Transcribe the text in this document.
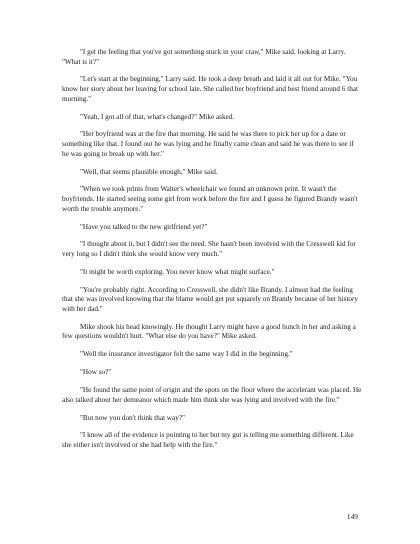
"I get the feeling that you've got something stuck in your craw," Mike said, looking at Larry. "What is it?"

"Let's start at the beginning," Larry said. He took a deep breath and laid it all out for Mike. "You know her story about her leaving for school late. She called her boyfriend and best friend around 6 that morning."

"Yeah, I got all of that, what's changed?" Mike asked.

"Her boyfriend was at the fire that morning. He said he was there to pick her up for a date or something like that. I found out he was lying and he finally came clean and said he was there to see if he was going to break up with her."

"Well, that seems plausible enough," Mike said.

"When we took prints from Walter's wheelchair we found an unknown print. It wasn't the boyfriends. He started seeing some girl from work before the fire and I guess he figured Brandy wasn't worth the trouble anymore."

"Have you talked to the new girlfriend yet?"

"I thought about it, but I didn't see the need. She hasn't been involved with the Cresswell kid for very long so I didn't think she would know very much."

"It might be worth exploring. You never know what might surface."

"You're probably right. According to Cresswell, she didn't like Brandy. I almost had the feeling that she was involved knowing that the blame would get put squarely on Brandy because of her history with her dad."

Mike shook his head knowingly. He thought Larry might have a good hunch in her and asking a few questions wouldn't hurt. "What else do you have?" Mike asked.

"Well the insurance investigator felt the same way I did in the beginning."

"How so?"

"He found the same point of origin and the spots on the floor where the accelerant was placed. He also talked about her demeanor which made him think she was lying and involved with the fire."

"But now you don't think that way?"

"I know all of the evidence is pointing to her but my gut is telling me something different. Like she either isn't involved or she had help with the fire."

149
